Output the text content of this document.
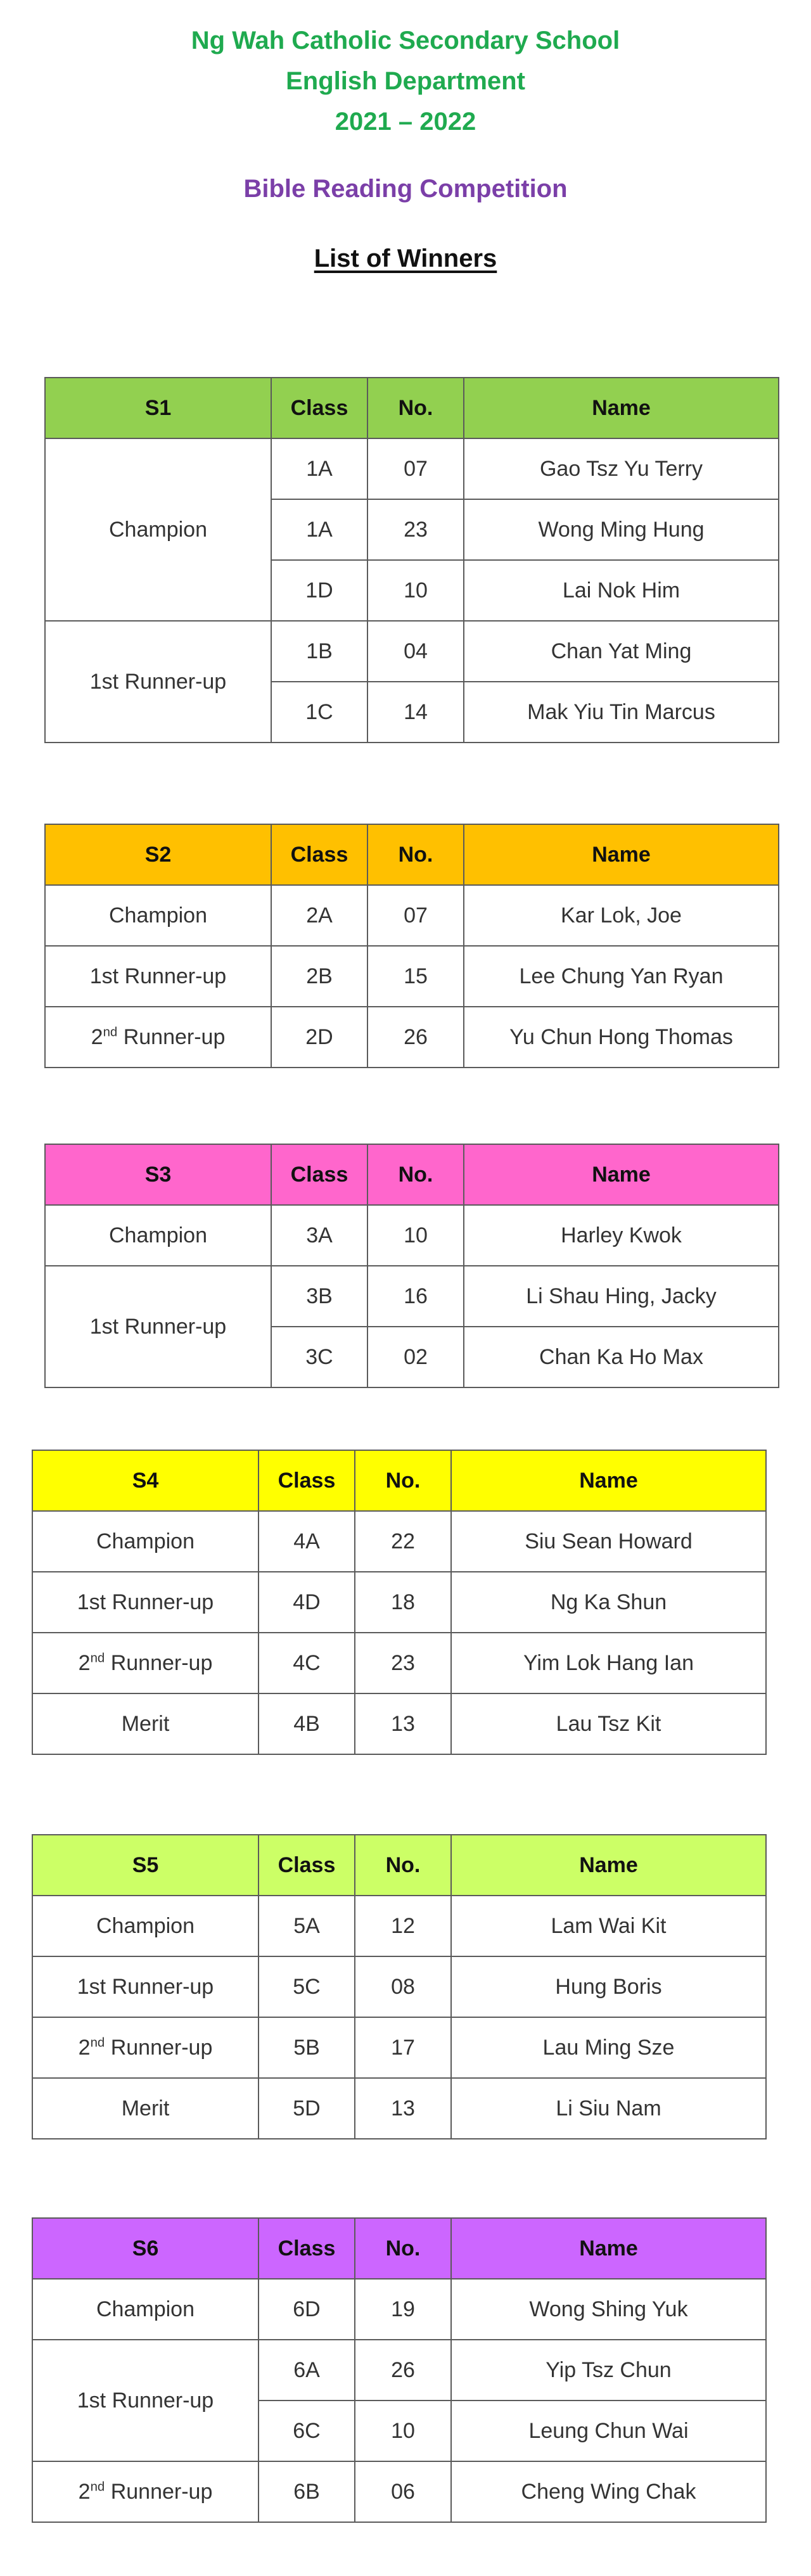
Ng Wah Catholic Secondary School

English Department

2021 – 2022

Bible Reading Competition

List of Winners

S1	Class	No.	Name
Champion	1A	07	Gao Tsz Yu Terry
	1A	23	Wong Ming Hung
	1D	10	Lai Nok Him
1st Runner-up	1B	04	Chan Yat Ming
	1C	14	Mak Yiu Tin Marcus
S2	Class	No.	Name
Champion	2A	07	Kar Lok, Joe
1st Runner-up	2B	15	Lee Chung Yan Ryan
2nd Runner-up	2D	26	Yu Chun Hong Thomas
S3	Class	No.	Name
Champion	3A	10	Harley Kwok
1st Runner-up	3B	16	Li Shau Hing, Jacky
	3C	02	Chan Ka Ho Max
S4	Class	No.	Name
Champion	4A	22	Siu Sean Howard
1st Runner-up	4D	18	Ng Ka Shun
2nd Runner-up	4C	23	Yim Lok Hang Ian
Merit	4B	13	Lau Tsz Kit
S5	Class	No.	Name
Champion	5A	12	Lam Wai Kit
1st Runner-up	5C	08	Hung Boris
2nd Runner-up	5B	17	Lau Ming Sze
Merit	5D	13	Li Siu Nam
S6	Class	No.	Name
Champion	6D	19	Wong Shing Yuk
1st Runner-up	6A	26	Yip Tsz Chun
	6C	10	Leung Chun Wai
2nd Runner-up	6B	06	Cheng Wing Chak
